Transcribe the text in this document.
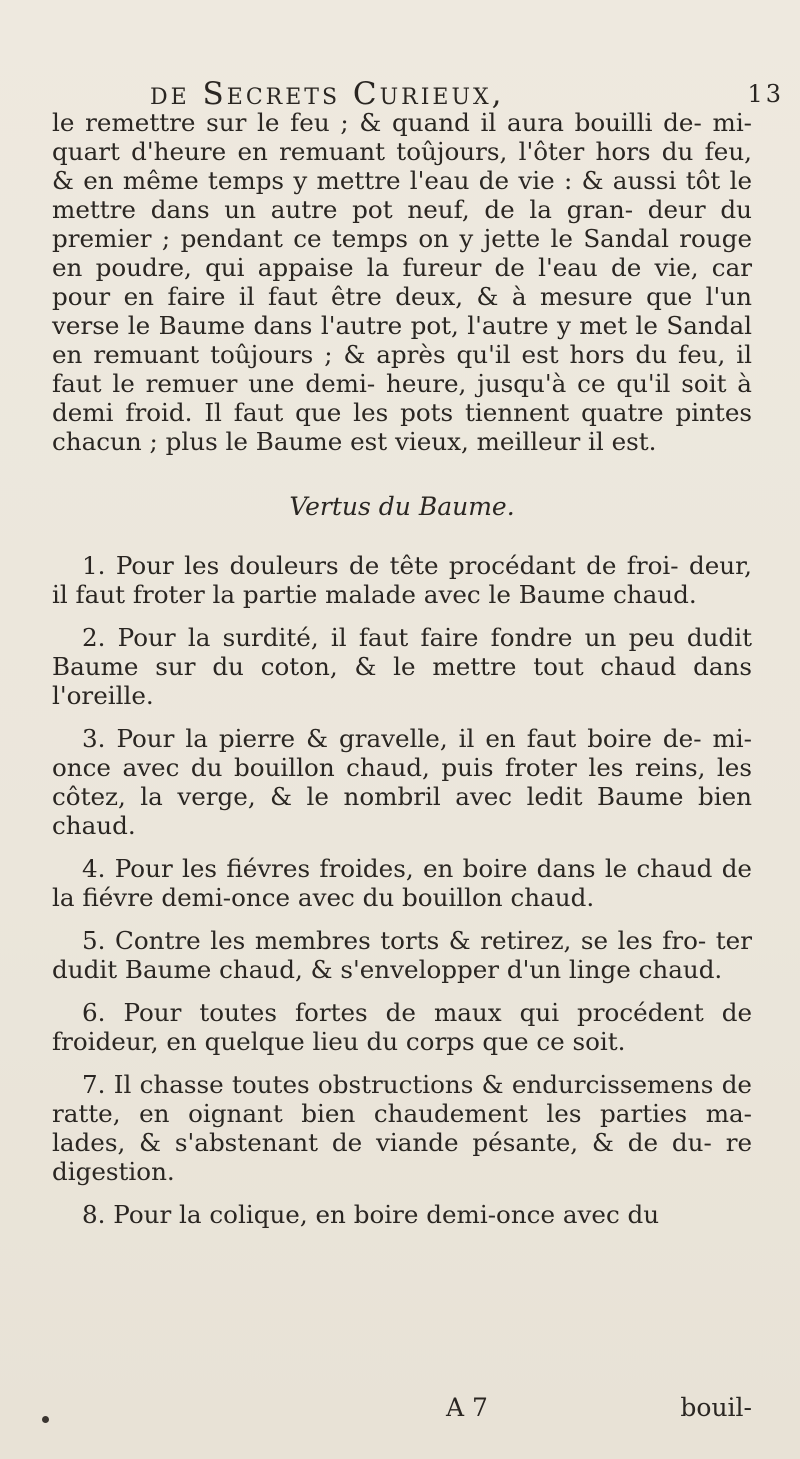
de Secrets Curieux,	13

le remettre sur le feu ; & quand il aura bouilli de- mi-quart d'heure en remuant toûjours, l'ôter hors du feu, & en même temps y mettre l'eau de vie : & aussi tôt le mettre dans un autre pot neuf, de la gran- deur du premier ; pendant ce temps on y jette le Sandal rouge en poudre, qui appaise la fureur de l'eau de vie, car pour en faire il faut être deux, & à mesure que l'un verse le Baume dans l'autre pot, l'autre y met le Sandal en remuant toûjours ; & après qu'il est hors du feu, il faut le remuer une demi- heure, jusqu'à ce qu'il soit à demi froid. Il faut que les pots tiennent quatre pintes chacun ; plus le Baume est vieux, meilleur il est.

Vertus du Baume.

1. Pour les douleurs de tête procédant de froi- deur, il faut froter la partie malade avec le Baume chaud.

2. Pour la surdité, il faut faire fondre un peu dudit Baume sur du coton, & le mettre tout chaud dans l'oreille.

3. Pour la pierre & gravelle, il en faut boire de- mi-once avec du bouillon chaud, puis froter les reins, les côtez, la verge, & le nombril avec ledit Baume bien chaud.

4. Pour les fiévres froides, en boire dans le chaud de la fiévre demi-once avec du bouillon chaud.

5. Contre les membres torts & retirez, se les fro- ter dudit Baume chaud, & s'envelopper d'un linge chaud.

6. Pour toutes fortes de maux qui procédent de froideur, en quelque lieu du corps que ce soit.

7. Il chasse toutes obstructions & endurcissemens de ratte, en oignant bien chaudement les parties ma- lades, & s'abstenant de viande pésante, & de du- re digestion.

8. Pour la colique, en boire demi-once avec du

A 7	bouil-
